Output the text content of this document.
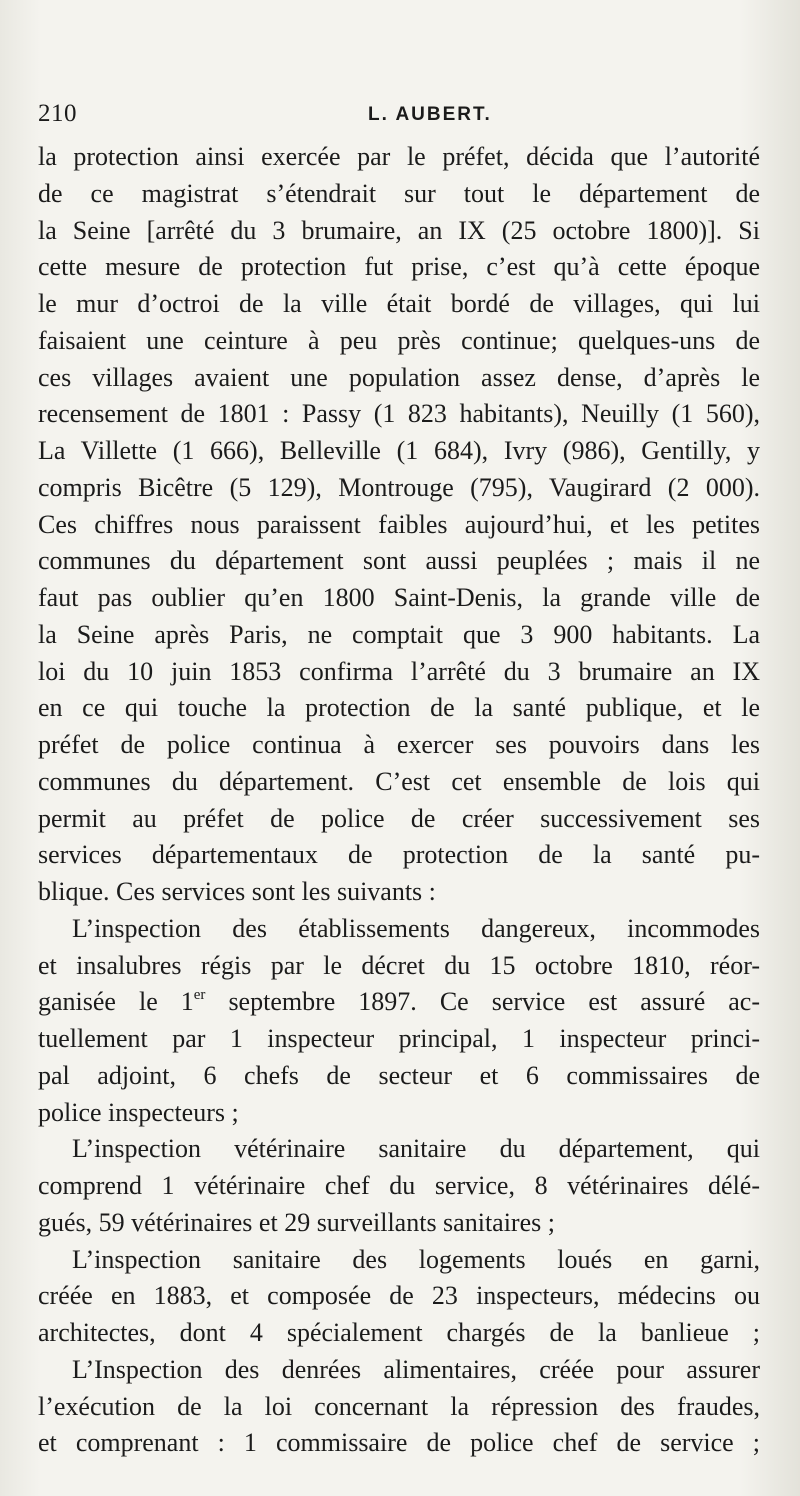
210	L. AUBERT.
la protection ainsi exercée par le préfet, décida que l’autorité
de ce magistrat s’étendrait sur tout le département de
la Seine [arrêté du 3 brumaire, an IX (25 octobre 1800)]. Si
cette mesure de protection fut prise, c’est qu’à cette époque
le mur d’octroi de la ville était bordé de villages, qui lui
faisaient une ceinture à peu près continue; quelques-uns de
ces villages avaient une population assez dense, d’après le
recensement de 1801 : Passy (1 823 habitants), Neuilly (1 560),
La Villette (1 666), Belleville (1 684), Ivry (986), Gentilly, y
compris Bicêtre (5 129), Montrouge (795), Vaugirard (2 000).
Ces chiffres nous paraissent faibles aujourd’hui, et les petites
communes du département sont aussi peuplées ; mais il ne
faut pas oublier qu’en 1800 Saint-Denis, la grande ville de
la Seine après Paris, ne comptait que 3 900 habitants. La
loi du 10 juin 1853 confirma l’arrêté du 3 brumaire an IX
en ce qui touche la protection de la santé publique, et le
préfet de police continua à exercer ses pouvoirs dans les
communes du département. C’est cet ensemble de lois qui
permit au préfet de police de créer successivement ses
services départementaux de protection de la santé pu-
blique. Ces services sont les suivants :
L’inspection des établissements dangereux, incommodes
et insalubres régis par le décret du 15 octobre 1810, réor-
ganisée le 1er septembre 1897. Ce service est assuré ac-
tuellement par 1 inspecteur principal, 1 inspecteur princi-
pal adjoint, 6 chefs de secteur et 6 commissaires de
police inspecteurs ;
L’inspection vétérinaire sanitaire du département, qui
comprend 1 vétérinaire chef du service, 8 vétérinaires délé-
gués, 59 vétérinaires et 29 surveillants sanitaires ;
L’inspection sanitaire des logements loués en garni,
créée en 1883, et composée de 23 inspecteurs, médecins ou
architectes, dont 4 spécialement chargés de la banlieue ;
L’Inspection des denrées alimentaires, créée pour assurer
l’exécution de la loi concernant la répression des fraudes,
et comprenant : 1 commissaire de police chef de service ;
